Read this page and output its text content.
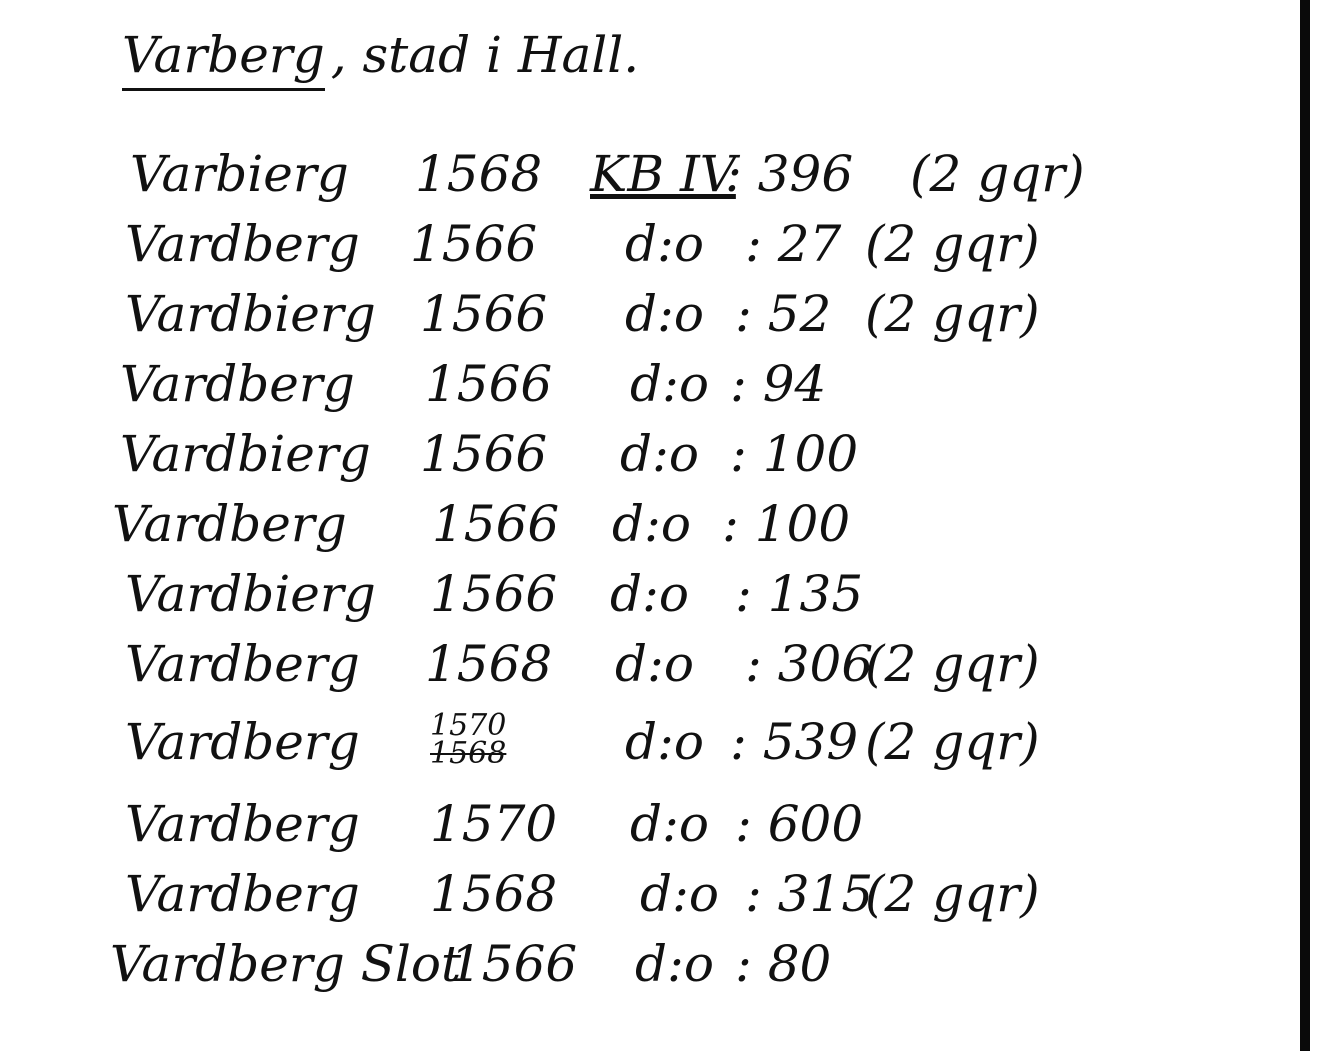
Varberg , stad i Hall.
Varbierg 1568 KB IV
: 396 (2 gqr)
Vardberg 1566 d:o : 27 (2 gqr)
Vardbierg 1566 d:o : 52 (2 gqr)
Vardberg 1566 d:o : 94
Vardbierg 1566 d:o : 100
Vardberg 1566 d:o : 100
Vardbierg 1566 d:o : 135
Vardberg 1568 d:o : 306
(2 gqr)
Vardberg 1570
1568 d:o : 539 (2 gqr)
Vardberg 1570 d:o : 600
Vardberg 1568 d:o : 315
(2 gqr)
Vardberg Slot
1566 d:o : 80
